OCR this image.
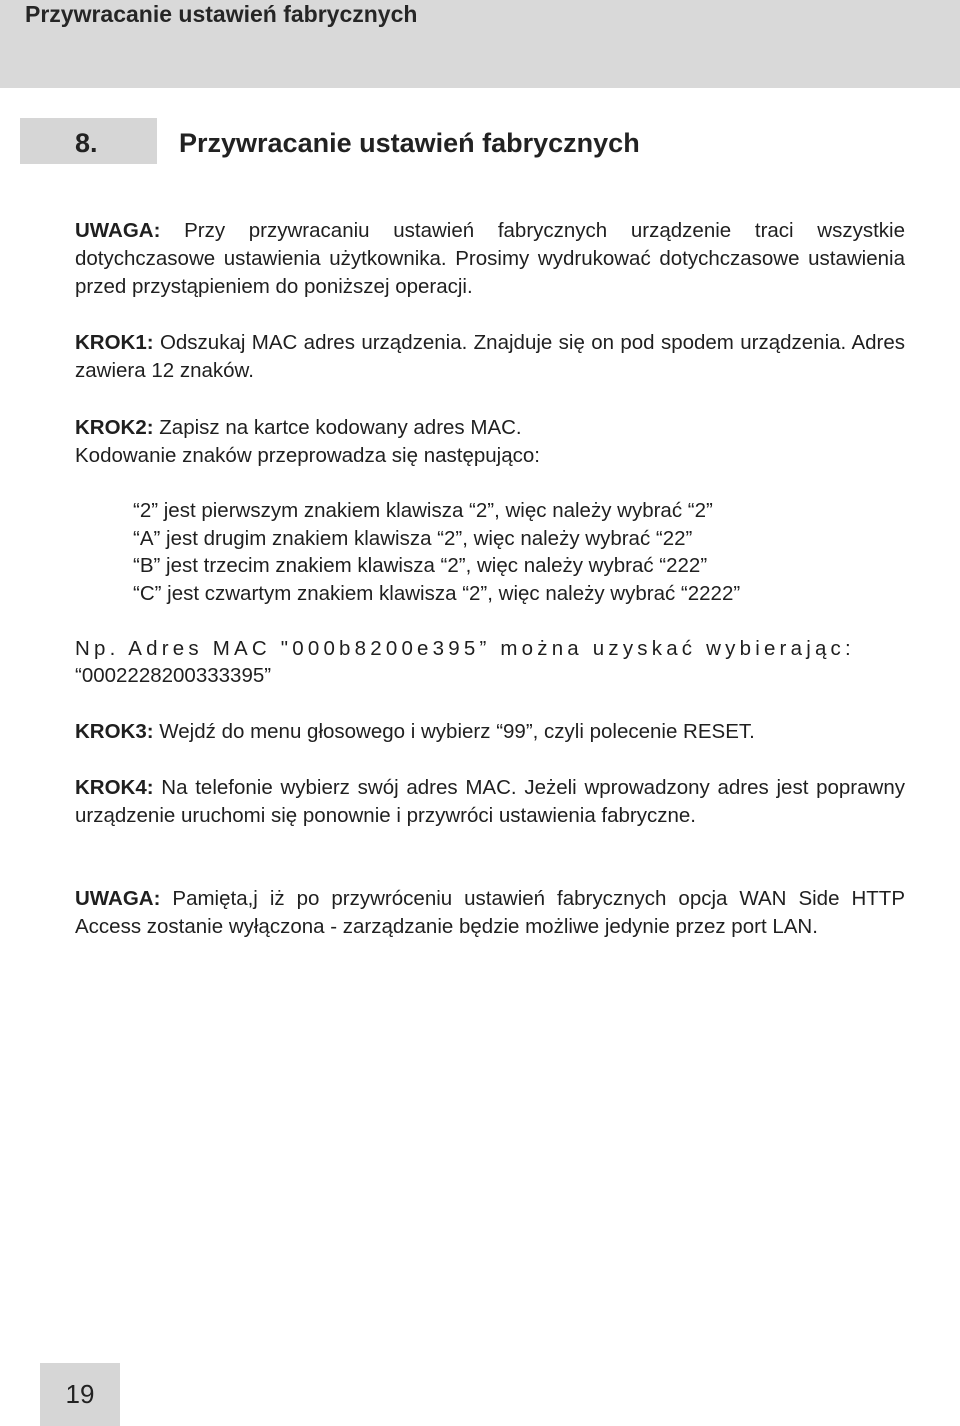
Przywracanie ustawień fabrycznych
8.	Przywracanie ustawień fabrycznych
UWAGA: Przy przywracaniu ustawień fabrycznych urządzenie traci wszystkie dotychczasowe ustawienia użytkownika. Prosimy wydrukować dotychczasowe ustawienia przed przystąpieniem do poniższej operacji.
KROK1: Odszukaj MAC adres urządzenia. Znajduje się on pod spodem urządzenia. Adres zawiera 12 znaków.
KROK2: Zapisz na kartce kodowany adres MAC.
Kodowanie znaków przeprowadza się następująco:
“2” jest pierwszym znakiem klawisza “2”, więc należy wybrać “2”
“A” jest drugim znakiem klawisza “2”, więc należy wybrać “22”
“B” jest trzecim znakiem klawisza “2”, więc należy wybrać “222”
“C” jest czwartym znakiem klawisza “2”, więc należy wybrać “2222”
Np. Adres MAC "000b8200e395” można uzyskać wybierając:
“0002228200333395”
KROK3: Wejdź do menu głosowego i wybierz “99”, czyli polecenie RESET.
KROK4: Na telefonie wybierz swój adres MAC. Jeżeli wprowadzony adres jest poprawny urządzenie uruchomi się ponownie i przywróci ustawienia fabryczne.
UWAGA: Pamięta,j iż po przywróceniu ustawień fabrycznych opcja WAN Side HTTP Access zostanie wyłączona - zarządzanie będzie możliwe jedynie przez port LAN.
19
